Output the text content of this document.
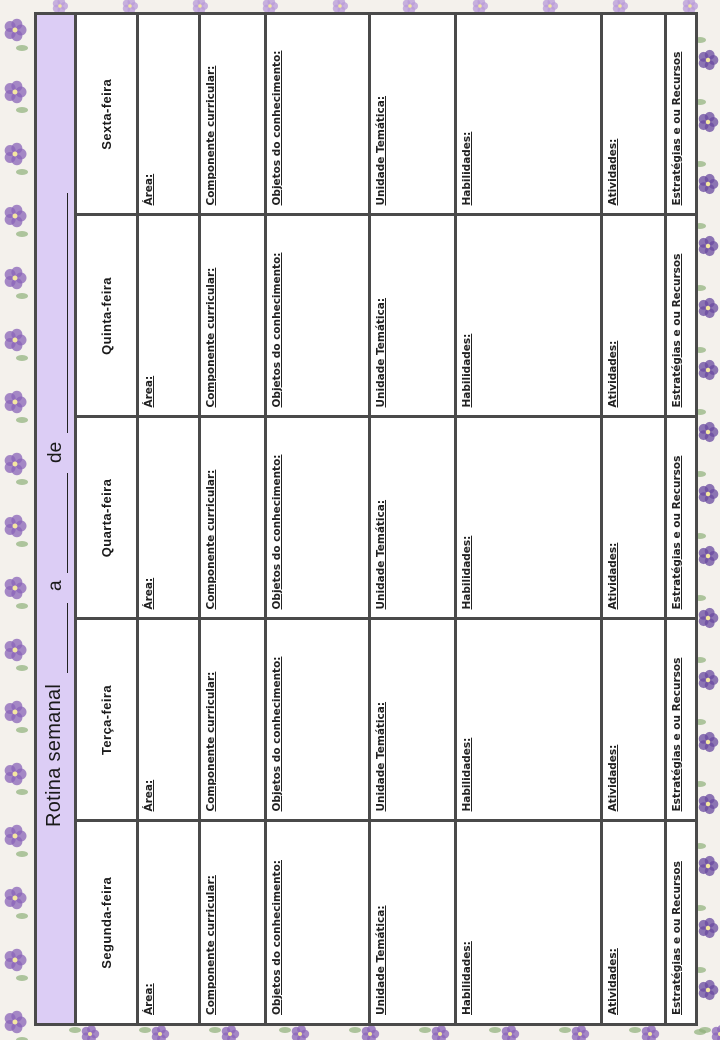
Rotina semanal
a
de
Segunda-feira	Terça-feira	Quarta-feira	Quinta-feira	Sexta-feira
Área:	Área:	Área:	Área:	Área:
Componente curricular:	Componente curricular:	Componente curricular:	Componente curricular:	Componente curricular:
Objetos do conhecimento:	Objetos do conhecimento:	Objetos do conhecimento:	Objetos do conhecimento:	Objetos do conhecimento:
Unidade Temática:	Unidade Temática:	Unidade Temática:	Unidade Temática:	Unidade Temática:
Habilidades:	Habilidades:	Habilidades:	Habilidades:	Habilidades:
Atividades:	Atividades:	Atividades:	Atividades:	Atividades:
Estratégias e ou Recursos	Estratégias e ou Recursos	Estratégias e ou Recursos	Estratégias e ou Recursos	Estratégias e ou Recursos
